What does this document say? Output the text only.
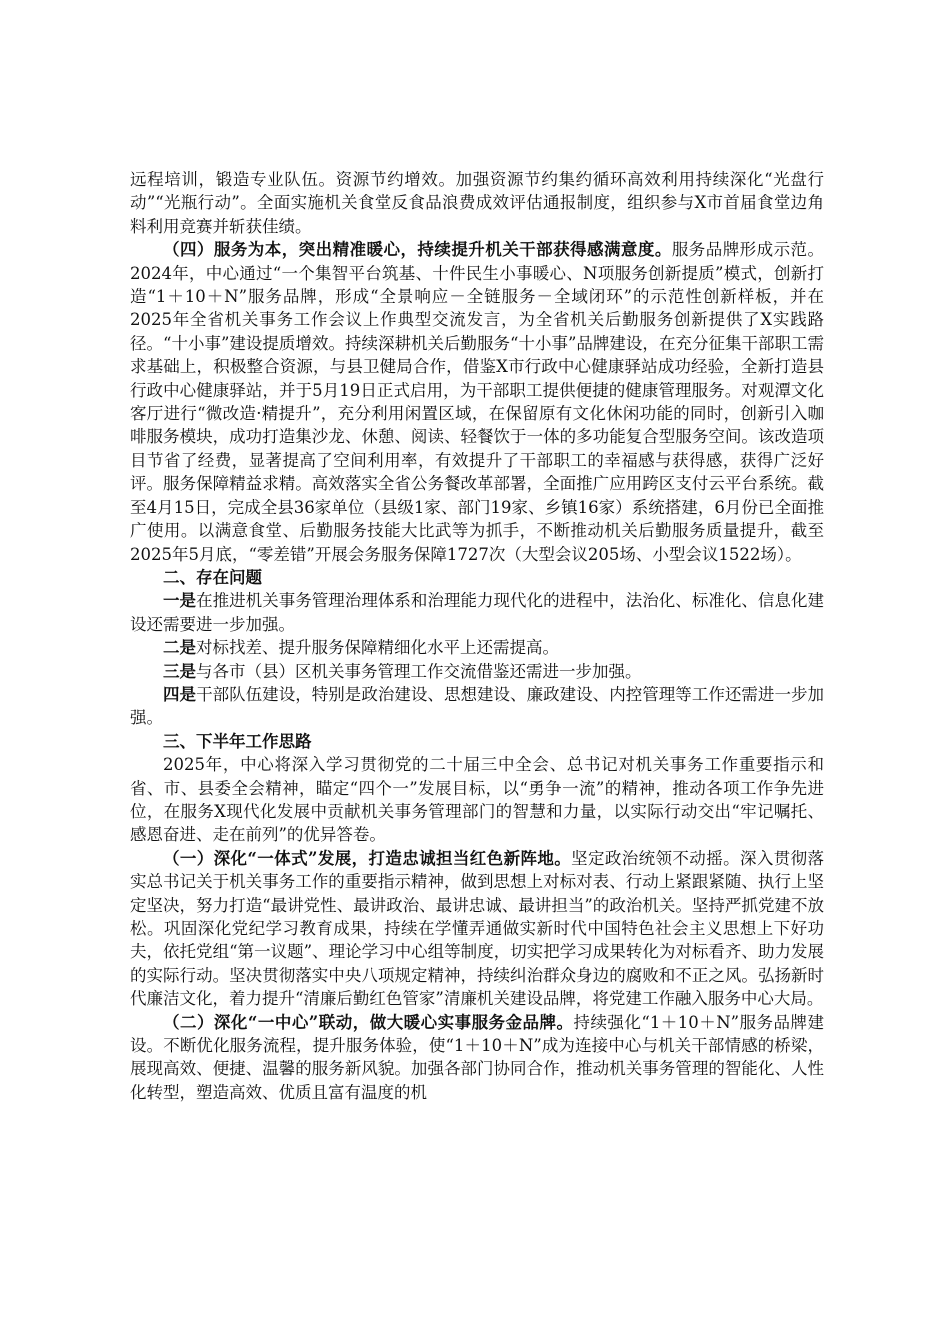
远程培训，锻造专业队伍。资源节约增效。加强资源节约集约循环高效利用持续深化“光盘行动”“光瓶行动”。全面实施机关食堂反食品浪费成效评估通报制度，组织参与X市首届食堂边角料利用竞赛并斩获佳绩。

（四）服务为本，突出精准暖心，持续提升机关干部获得感满意度。服务品牌形成示范。2024年，中心通过“一个集智平台筑基、十件民生小事暖心、N项服务创新提质”模式，创新打造“1＋10＋N”服务品牌，形成“全景响应－全链服务－全域闭环”的示范性创新样板，并在2025年全省机关事务工作会议上作典型交流发言，为全省机关后勤服务创新提供了X实践路径。“十小事”建设提质增效。持续深耕机关后勤服务“十小事”品牌建设，在充分征集干部职工需求基础上，积极整合资源，与县卫健局合作，借鉴X市行政中心健康驿站成功经验，全新打造县行政中心健康驿站，并于5月19日正式启用，为干部职工提供便捷的健康管理服务。对观潭文化客厅进行“微改造·精提升”，充分利用闲置区域，在保留原有文化休闲功能的同时，创新引入咖啡服务模块，成功打造集沙龙、休憩、阅读、轻餐饮于一体的多功能复合型服务空间。该改造项目节省了经费，显著提高了空间利用率，有效提升了干部职工的幸福感与获得感，获得广泛好评。服务保障精益求精。高效落实全省公务餐改革部署，全面推广应用跨区支付云平台系统。截至4月15日，完成全县36家单位（县级1家、部门19家、乡镇16家）系统搭建，6月份已全面推广使用。以满意食堂、后勤服务技能大比武等为抓手，不断推动机关后勤服务质量提升，截至2025年5月底，“零差错”开展会务服务保障1727次（大型会议205场、小型会议1522场）。

二、存在问题

一是在推进机关事务管理治理体系和治理能力现代化的进程中，法治化、标准化、信息化建设还需要进一步加强。

二是对标找差、提升服务保障精细化水平上还需提高。

三是与各市（县）区机关事务管理工作交流借鉴还需进一步加强。

四是干部队伍建设，特别是政治建设、思想建设、廉政建设、内控管理等工作还需进一步加强。

三、下半年工作思路

2025年，中心将深入学习贯彻党的二十届三中全会、总书记对机关事务工作重要指示和省、市、县委全会精神，瞄定“四个一”发展目标，以“勇争一流”的精神，推动各项工作争先进位，在服务X现代化发展中贡献机关事务管理部门的智慧和力量，以实际行动交出“牢记嘱托、感恩奋进、走在前列”的优异答卷。

（一）深化“一体式”发展，打造忠诚担当红色新阵地。坚定政治统领不动摇。深入贯彻落实总书记关于机关事务工作的重要指示精神，做到思想上对标对表、行动上紧跟紧随、执行上坚定坚决，努力打造“最讲党性、最讲政治、最讲忠诚、最讲担当”的政治机关。坚持严抓党建不放松。巩固深化党纪学习教育成果，持续在学懂弄通做实新时代中国特色社会主义思想上下好功夫，依托党组“第一议题”、理论学习中心组等制度，切实把学习成果转化为对标看齐、助力发展的实际行动。坚决贯彻落实中央八项规定精神，持续纠治群众身边的腐败和不正之风。弘扬新时代廉洁文化，着力提升“清廉后勤红色管家”清廉机关建设品牌，将党建工作融入服务中心大局。

（二）深化“一中心”联动，做大暖心实事服务金品牌。持续强化“1＋10＋N”服务品牌建设。不断优化服务流程，提升服务体验，使“1＋10＋N”成为连接中心与机关干部情感的桥梁，展现高效、便捷、温馨的服务新风貌。加强各部门协同合作，推动机关事务管理的智能化、人性化转型，塑造高效、优质且富有温度的机
